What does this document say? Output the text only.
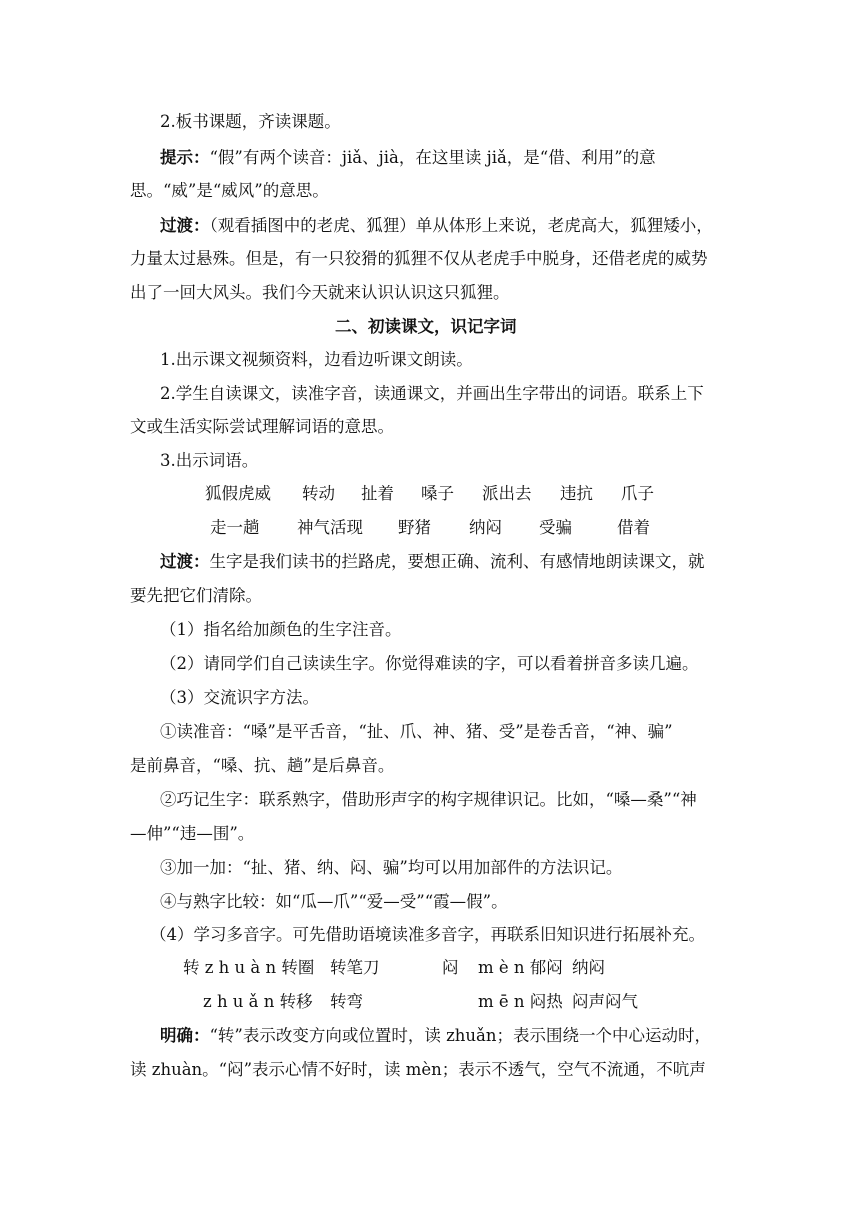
2.板书课题，齐读课题。
提示：“假”有两个读音：jiǎ、jià，在这里读 jiǎ，是“借、利用”的意
思。“威”是“威风”的意思。
过渡：（观看插图中的老虎、狐狸）单从体形上来说，老虎高大，狐狸矮小，
力量太过悬殊。但是，有一只狡猾的狐狸不仅从老虎手中脱身，还借老虎的威势
出了一回大风头。我们今天就来认识认识这只狐狸。
二、初读课文，识记字词
1.出示课文视频资料，边看边听课文朗读。
2.学生自读课文，读准字音，读通课文，并画出生字带出的词语。联系上下
文或生活实际尝试理解词语的意思。
3.出示词语。
狐假虎威 转动 扯着 嗓子 派出去 违抗 爪子
走一趟 神气活现 野猪 纳闷 受骗	借着
过渡：生字是我们读书的拦路虎，要想正确、流利、有感情地朗读课文，就
要先把它们清除。
（1）指名给加颜色的生字注音。
（2）请同学们自己读读生字。你觉得难读的字，可以看着拼音多读几遍。
（3）交流识字方法。
①读准音：“嗓”是平舌音，“扯、爪、神、猪、受”是卷舌音，“神、骗”
是前鼻音，“嗓、抗、趟”是后鼻音。
②巧记生字：联系熟字，借助形声字的构字规律识记。比如，“嗓—桑”“神
—伸”“违—围”。
③加一加：“扯、猪、纳、闷、骗”均可以用加部件的方法识记。
④与熟字比较：如“瓜—爪”“爱—受”“霞—假”。
（4）学习多音字。可先借助语境读准多音字，再联系旧知识进行拓展补充。
转 z h u à n 转圈 转笔刀	闷 m è n 郁闷 纳闷
z h u ǎ n 转移 转弯	m ē n 闷热 闷声闷气
明确：“转”表示改变方向或位置时，读 zhuǎn；表示围绕一个中心运动时，
读 zhuàn。“闷”表示心情不好时，读 mèn；表示不透气，空气不流通，不吭声
